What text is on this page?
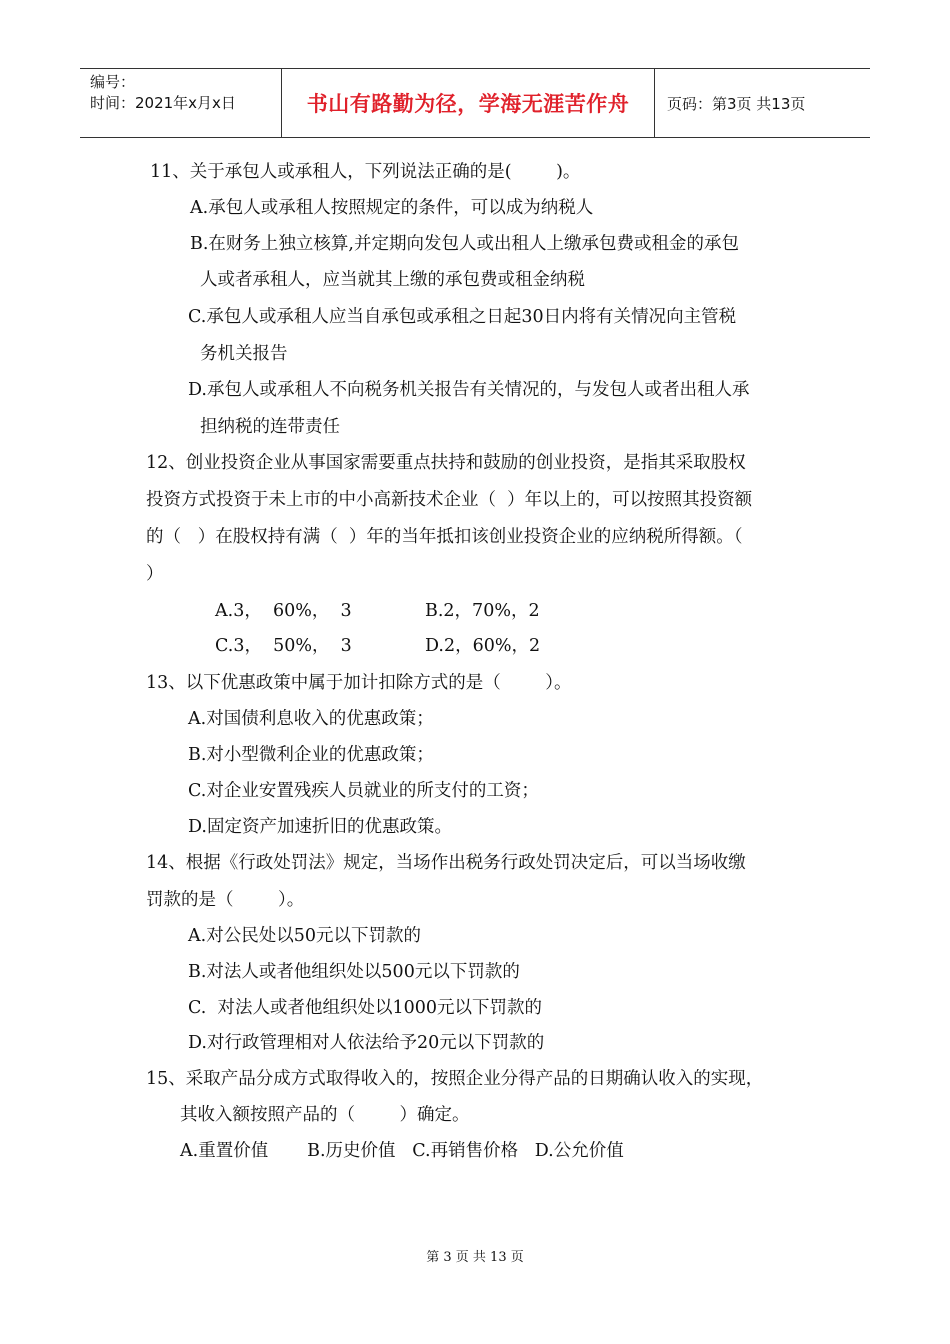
编号：
时间：2021年x月x日	书山有路勤为径，学海无涯苦作舟	页码：第3页 共13页
11、关于承包人或承租人，下列说法正确的是(        )。
A.承包人或承租人按照规定的条件，可以成为纳税人
B.在财务上独立核算,并定期向发包人或出租人上缴承包费或租金的承包
人或者承租人，应当就其上缴的承包费或租金纳税
C.承包人或承租人应当自承包或承租之日起30日内将有关情况向主管税
务机关报告
D.承包人或承租人不向税务机关报告有关情况的，与发包人或者出租人承
担纳税的连带责任
12、创业投资企业从事国家需要重点扶持和鼓励的创业投资，是指其采取股权
投资方式投资于未上市的中小高新技术企业（  ）年以上的，可以按照其投资额
的（   ）在股权持有满（  ）年的当年抵扣该创业投资企业的应纳税所得额。（
）
A.3，  60%，  3	B.2，70%，2
C.3，  50%，  3	D.2，60%，2
13、以下优惠政策中属于加计扣除方式的是（        ）。
A.对国债利息收入的优惠政策；
B.对小型微利企业的优惠政策；
C.对企业安置残疾人员就业的所支付的工资；
D.固定资产加速折旧的优惠政策。
14、根据《行政处罚法》规定，当场作出税务行政处罚决定后，可以当场收缴
罚款的是（        ）。
A.对公民处以50元以下罚款的
B.对法人或者他组织处以500元以下罚款的
C.  对法人或者他组织处以1000元以下罚款的
D.对行政管理相对人依法给予20元以下罚款的
15、采取产品分成方式取得收入的，按照企业分得产品的日期确认收入的实现，
其收入额按照产品的（        ）确定。
A.重置价值       B.历史价值   C.再销售价格   D.公允价值
第 3 页 共 13 页
